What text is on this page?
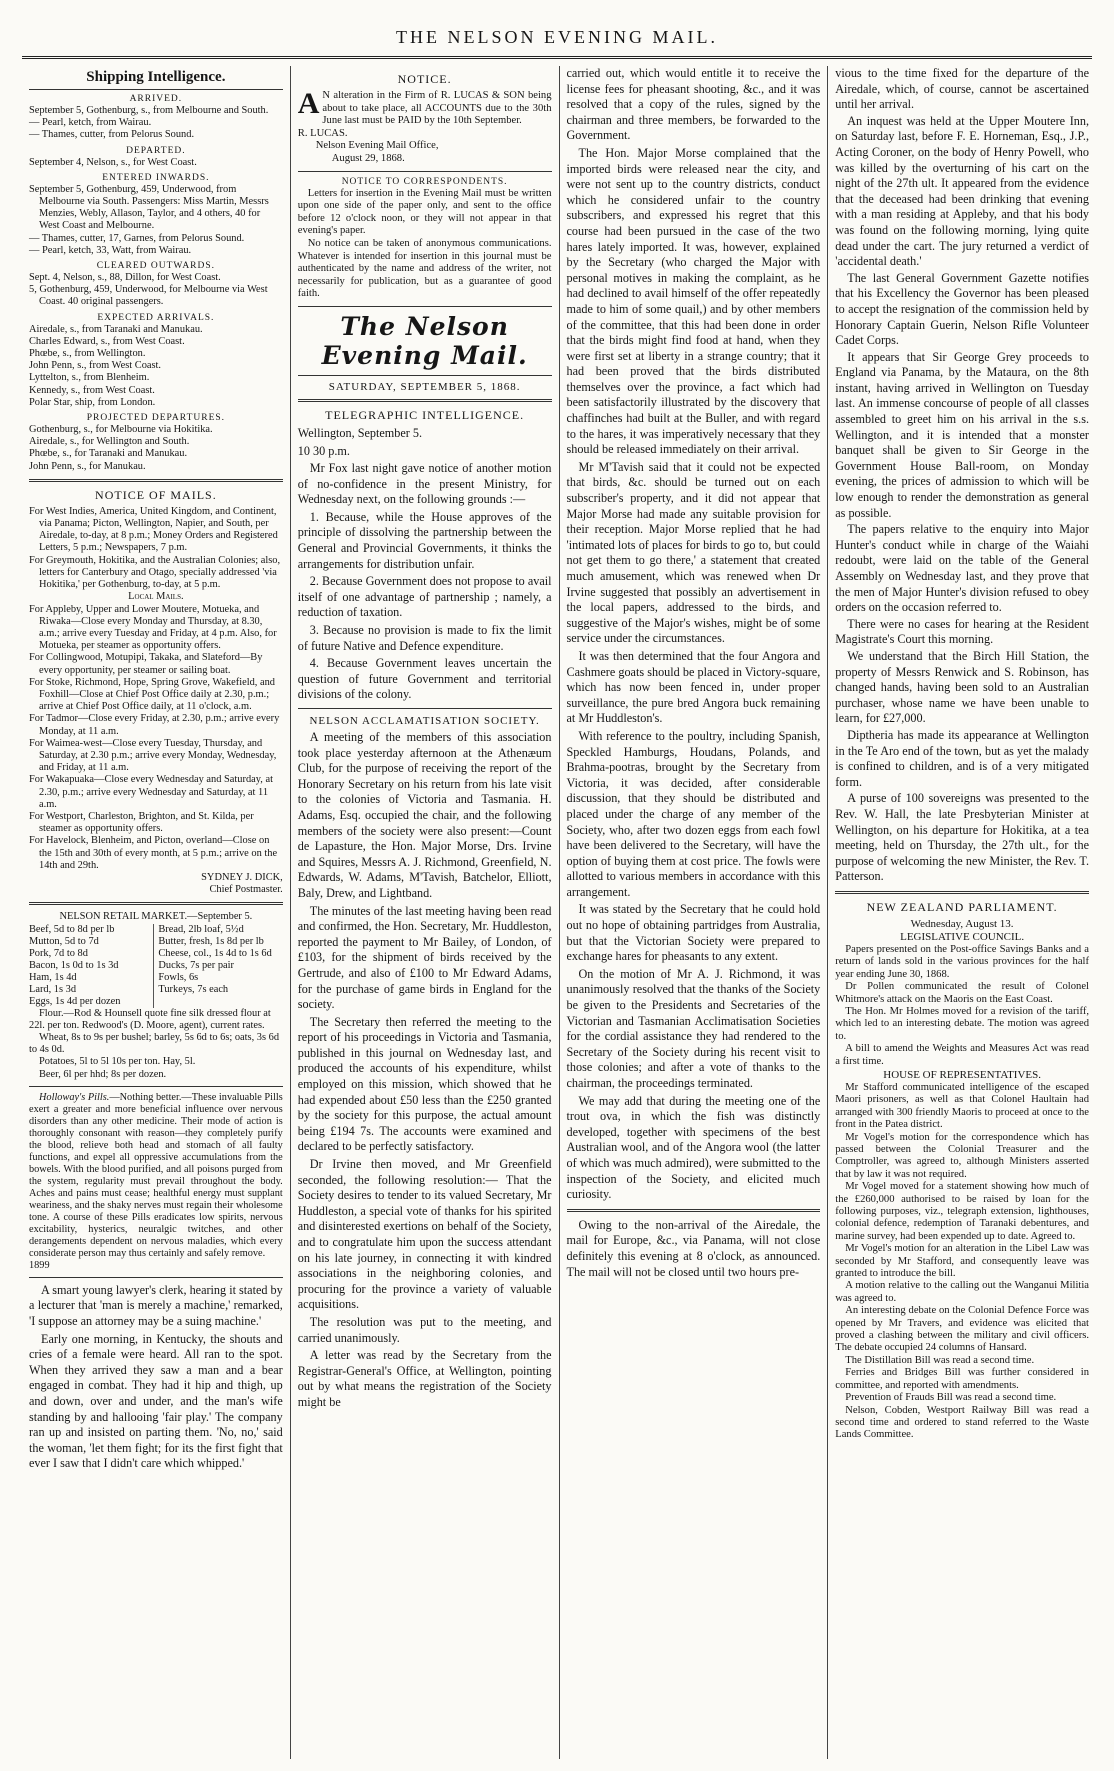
THE NELSON EVENING MAIL.
Shipping Intelligence.
ARRIVED.

September 5, Gothenburg, s., from Melbourne and South.

— Pearl, ketch, from Wairau.

— Thames, cutter, from Pelorus Sound.

DEPARTED.

September 4, Nelson, s., for West Coast.

ENTERED INWARDS.

September 5, Gothenburg, 459, Underwood, from Melbourne via South. Passengers: Miss Martin, Messrs Menzies, Webly, Allason, Taylor, and 4 others, 40 for West Coast and Melbourne.

— Thames, cutter, 17, Garnes, from Pelorus Sound.

— Pearl, ketch, 33, Watt, from Wairau.

CLEARED OUTWARDS.

Sept. 4, Nelson, s., 88, Dillon, for West Coast.

5, Gothenburg, 459, Underwood, for Melbourne via West Coast. 40 original passengers.

EXPECTED ARRIVALS.

Airedale, s., from Taranaki and Manukau.

Charles Edward, s., from West Coast.

Phœbe, s., from Wellington.

John Penn, s., from West Coast.

Lyttelton, s., from Blenheim.

Kennedy, s., from West Coast.

Polar Star, ship, from London.

PROJECTED DEPARTURES.

Gothenburg, s., for Melbourne via Hokitika.

Airedale, s., for Wellington and South.

Phœbe, s., for Taranaki and Manukau.

John Penn, s., for Manukau.

NOTICE OF MAILS.

For West Indies, America, United Kingdom, and Continent, via Panama; Picton, Wellington, Napier, and South, per Airedale, to-day, at 8 p.m.; Money Orders and Registered Letters, 5 p.m.; Newspapers, 7 p.m.

For Greymouth, Hokitika, and the Australian Colonies; also, letters for Canterbury and Otago, specially addressed 'via Hokitika,' per Gothenburg, to-day, at 5 p.m.

Local Mails.

For Appleby, Upper and Lower Moutere, Motueka, and Riwaka—Close every Monday and Thursday, at 8.30, a.m.; arrive every Tuesday and Friday, at 4 p.m. Also, for Motueka, per steamer as opportunity offers.

For Collingwood, Motupipi, Takaka, and Slateford—By every opportunity, per steamer or sailing boat.

For Stoke, Richmond, Hope, Spring Grove, Wakefield, and Foxhill—Close at Chief Post Office daily at 2.30, p.m.; arrive at Chief Post Office daily, at 11 o'clock, a.m.

For Tadmor—Close every Friday, at 2.30, p.m.; arrive every Monday, at 11 a.m.

For Waimea-west—Close every Tuesday, Thursday, and Saturday, at 2.30 p.m.; arrive every Monday, Wednesday, and Friday, at 11 a.m.

For Wakapuaka—Close every Wednesday and Saturday, at 2.30, p.m.; arrive every Wednesday and Saturday, at 11 a.m.

For Westport, Charleston, Brighton, and St. Kilda, per steamer as opportunity offers.

For Havelock, Blenheim, and Picton, overland—Close on the 15th and 30th of every month, at 5 p.m.; arrive on the 14th and 29th.

SYDNEY J. DICK,

Chief Postmaster.

NELSON RETAIL MARKET.—September 5.

Beef, 5d to 8d per lb
Mutton, 5d to 7d
Pork, 7d to 8d
Bacon, 1s 0d to 1s 3d
Ham, 1s 4d
Lard, 1s 3d
Eggs, 1s 4d per dozen
Bread, 2lb loaf, 5½d
Butter, fresh, 1s 8d per lb
Cheese, col., 1s 4d to 1s 6d
Ducks, 7s per pair
Fowls, 6s
Turkeys, 7s each

Flour.—Rod & Hounsell quote fine silk dressed flour at 22l. per ton. Redwood's (D. Moore, agent), current rates.

Wheat, 8s to 9s per bushel; barley, 5s 6d to 6s; oats, 3s 6d to 4s 0d.

Potatoes, 5l to 5l 10s per ton. Hay, 5l.

Beer, 6l per hhd; 8s per dozen.

Holloway's Pills.—Nothing better.—These invaluable Pills exert a greater and more beneficial influence over nervous disorders than any other medicine. Their mode of action is thoroughly consonant with reason—they completely purify the blood, relieve both head and stomach of all faulty functions, and expel all oppressive accumulations from the bowels. With the blood purified, and all poisons purged from the system, regularity must prevail throughout the body. Aches and pains must cease; healthful energy must supplant weariness, and the shaky nerves must regain their wholesome tone. A course of these Pills eradicates low spirits, nervous excitability, hysterics, neuralgic twitches, and other derangements dependent on nervous maladies, which every considerate person may thus certainly and safely remove.

1899

A smart young lawyer's clerk, hearing it stated by a lecturer that 'man is merely a machine,' remarked, 'I suppose an attorney may be a suing machine.'

Early one morning, in Kentucky, the shouts and cries of a female were heard. All ran to the spot. When they arrived they saw a man and a bear engaged in combat. They had it hip and thigh, up and down, over and under, and the man's wife standing by and hallooing 'fair play.' The company ran up and insisted on parting them. 'No, no,' said the woman, 'let them fight; for its the first fight that ever I saw that I didn't care which whipped.'

NOTICE.

A N alteration in the Firm of R. LUCAS & SON being about to take place, all ACCOUNTS due to the 30th June last must be PAID by the 10th September.

R. LUCAS.

Nelson Evening Mail Office,

August 29, 1868.

NOTICE TO CORRESPONDENTS.

Letters for insertion in the Evening Mail must be written upon one side of the paper only, and sent to the office before 12 o'clock noon, or they will not appear in that evening's paper.

No notice can be taken of anonymous communications. Whatever is intended for insertion in this journal must be authenticated by the name and address of the writer, not necessarily for publication, but as a guarantee of good faith.

The Nelson Evening Mail.
SATURDAY, SEPTEMBER 5, 1868.
TELEGRAPHIC INTELLIGENCE.

Wellington, September 5.

10 30 p.m.

Mr Fox last night gave notice of another motion of no-confidence in the present Ministry, for Wednesday next, on the following grounds :—

1. Because, while the House approves of the principle of dissolving the partnership between the General and Provincial Governments, it thinks the arrangements for distribution unfair.

2. Because Government does not propose to avail itself of one advantage of partnership ; namely, a reduction of taxation.

3. Because no provision is made to fix the limit of future Native and Defence expenditure.

4. Because Government leaves uncertain the question of future Government and territorial divisions of the colony.

NELSON ACCLAMATISATION SOCIETY.

A meeting of the members of this association took place yesterday afternoon at the Athenæum Club, for the purpose of receiving the report of the Honorary Secretary on his return from his late visit to the colonies of Victoria and Tasmania. H. Adams, Esq. occupied the chair, and the following members of the society were also present:—Count de Lapasture, the Hon. Major Morse, Drs. Irvine and Squires, Messrs A. J. Richmond, Greenfield, N. Edwards, W. Adams, M'Tavish, Batchelor, Elliott, Baly, Drew, and Lightband.

The minutes of the last meeting having been read and confirmed, the Hon. Secretary, Mr. Huddleston, reported the payment to Mr Bailey, of London, of £103, for the shipment of birds received by the Gertrude, and also of £100 to Mr Edward Adams, for the purchase of game birds in England for the society.

The Secretary then referred the meeting to the report of his proceedings in Victoria and Tasmania, published in this journal on Wednesday last, and produced the accounts of his expenditure, whilst employed on this mission, which showed that he had expended about £50 less than the £250 granted by the society for this purpose, the actual amount being £194 7s. The accounts were examined and declared to be perfectly satisfactory.

Dr Irvine then moved, and Mr Greenfield seconded, the following resolution:— That the Society desires to tender to its valued Secretary, Mr Huddleston, a special vote of thanks for his spirited and disinterested exertions on behalf of the Society, and to congratulate him upon the success attendant on his late journey, in connecting it with kindred associations in the neighboring colonies, and procuring for the province a variety of valuable acquisitions.

The resolution was put to the meeting, and carried unanimously.

A letter was read by the Secretary from the Registrar-General's Office, at Wellington, pointing out by what means the registration of the Society might be

carried out, which would entitle it to receive the license fees for pheasant shooting, &c., and it was resolved that a copy of the rules, signed by the chairman and three members, be forwarded to the Government.

The Hon. Major Morse complained that the imported birds were released near the city, and were not sent up to the country districts, conduct which he considered unfair to the country subscribers, and expressed his regret that this course had been pursued in the case of the two hares lately imported. It was, however, explained by the Secretary (who charged the Major with personal motives in making the complaint, as he had declined to avail himself of the offer repeatedly made to him of some quail,) and by other members of the committee, that this had been done in order that the birds might find food at hand, when they were first set at liberty in a strange country; that it had been proved that the birds distributed themselves over the province, a fact which had been satisfactorily illustrated by the discovery that chaffinches had built at the Buller, and with regard to the hares, it was imperatively necessary that they should be released immediately on their arrival.

Mr M'Tavish said that it could not be expected that birds, &c. should be turned out on each subscriber's property, and it did not appear that Major Morse had made any suitable provision for their reception. Major Morse replied that he had 'intimated lots of places for birds to go to, but could not get them to go there,' a statement that created much amusement, which was renewed when Dr Irvine suggested that possibly an advertisement in the local papers, addressed to the birds, and suggestive of the Major's wishes, might be of some service under the circumstances.

It was then determined that the four Angora and Cashmere goats should be placed in Victory-square, which has now been fenced in, under proper surveillance, the pure bred Angora buck remaining at Mr Huddleston's.

With reference to the poultry, including Spanish, Speckled Hamburgs, Houdans, Polands, and Brahma-pootras, brought by the Secretary from Victoria, it was decided, after considerable discussion, that they should be distributed and placed under the charge of any member of the Society, who, after two dozen eggs from each fowl have been delivered to the Secretary, will have the option of buying them at cost price. The fowls were allotted to various members in accordance with this arrangement.

It was stated by the Secretary that he could hold out no hope of obtaining partridges from Australia, but that the Victorian Society were prepared to exchange hares for pheasants to any extent.

On the motion of Mr A. J. Richmond, it was unanimously resolved that the thanks of the Society be given to the Presidents and Secretaries of the Victorian and Tasmanian Acclimatisation Societies for the cordial assistance they had rendered to the Secretary of the Society during his recent visit to those colonies; and after a vote of thanks to the chairman, the proceedings terminated.

We may add that during the meeting one of the trout ova, in which the fish was distinctly developed, together with specimens of the best Australian wool, and of the Angora wool (the latter of which was much admired), were submitted to the inspection of the Society, and elicited much curiosity.

Owing to the non-arrival of the Airedale, the mail for Europe, &c., via Panama, will not close definitely this evening at 8 o'clock, as announced. The mail will not be closed until two hours pre-

vious to the time fixed for the departure of the Airedale, which, of course, cannot be ascertained until her arrival.

An inquest was held at the Upper Moutere Inn, on Saturday last, before F. E. Horneman, Esq., J.P., Acting Coroner, on the body of Henry Powell, who was killed by the overturning of his cart on the night of the 27th ult. It appeared from the evidence that the deceased had been drinking that evening with a man residing at Appleby, and that his body was found on the following morning, lying quite dead under the cart. The jury returned a verdict of 'accidental death.'

The last General Government Gazette notifies that his Excellency the Governor has been pleased to accept the resignation of the commission held by Honorary Captain Guerin, Nelson Rifle Volunteer Cadet Corps.

It appears that Sir George Grey proceeds to England via Panama, by the Mataura, on the 8th instant, having arrived in Wellington on Tuesday last. An immense concourse of people of all classes assembled to greet him on his arrival in the s.s. Wellington, and it is intended that a monster banquet shall be given to Sir George in the Government House Ball-room, on Monday evening, the prices of admission to which will be low enough to render the demonstration as general as possible.

The papers relative to the enquiry into Major Hunter's conduct while in charge of the Waiahi redoubt, were laid on the table of the General Assembly on Wednesday last, and they prove that the men of Major Hunter's division refused to obey orders on the occasion referred to.

There were no cases for hearing at the Resident Magistrate's Court this morning.

We understand that the Birch Hill Station, the property of Messrs Renwick and S. Robinson, has changed hands, having been sold to an Australian purchaser, whose name we have been unable to learn, for £27,000.

Diptheria has made its appearance at Wellington in the Te Aro end of the town, but as yet the malady is confined to children, and is of a very mitigated form.

A purse of 100 sovereigns was presented to the Rev. W. Hall, the late Presbyterian Minister at Wellington, on his departure for Hokitika, at a tea meeting, held on Thursday, the 27th ult., for the purpose of welcoming the new Minister, the Rev. T. Patterson.

NEW ZEALAND PARLIAMENT.

Wednesday, August 13.

LEGISLATIVE COUNCIL.

Papers presented on the Post-office Savings Banks and a return of lands sold in the various provinces for the half year ending June 30, 1868.

Dr Pollen communicated the result of Colonel Whitmore's attack on the Maoris on the East Coast.

The Hon. Mr Holmes moved for a revision of the tariff, which led to an interesting debate. The motion was agreed to.

A bill to amend the Weights and Measures Act was read a first time.

HOUSE OF REPRESENTATIVES.

Mr Stafford communicated intelligence of the escaped Maori prisoners, as well as that Colonel Haultain had arranged with 300 friendly Maoris to proceed at once to the front in the Patea district.

Mr Vogel's motion for the correspondence which has passed between the Colonial Treasurer and the Comptroller, was agreed to, although Ministers asserted that by law it was not required.

Mr Vogel moved for a statement showing how much of the £260,000 authorised to be raised by loan for the following purposes, viz., telegraph extension, lighthouses, colonial defence, redemption of Taranaki debentures, and marine survey, had been expended up to date. Agreed to.

Mr Vogel's motion for an alteration in the Libel Law was seconded by Mr Stafford, and consequently leave was granted to introduce the bill.

A motion relative to the calling out the Wanganui Militia was agreed to.

An interesting debate on the Colonial Defence Force was opened by Mr Travers, and evidence was elicited that proved a clashing between the military and civil officers. The debate occupied 24 columns of Hansard.

The Distillation Bill was read a second time.

Ferries and Bridges Bill was further considered in committee, and reported with amendments.

Prevention of Frauds Bill was read a second time.

Nelson, Cobden, Westport Railway Bill was read a second time and ordered to stand referred to the Waste Lands Committee.
